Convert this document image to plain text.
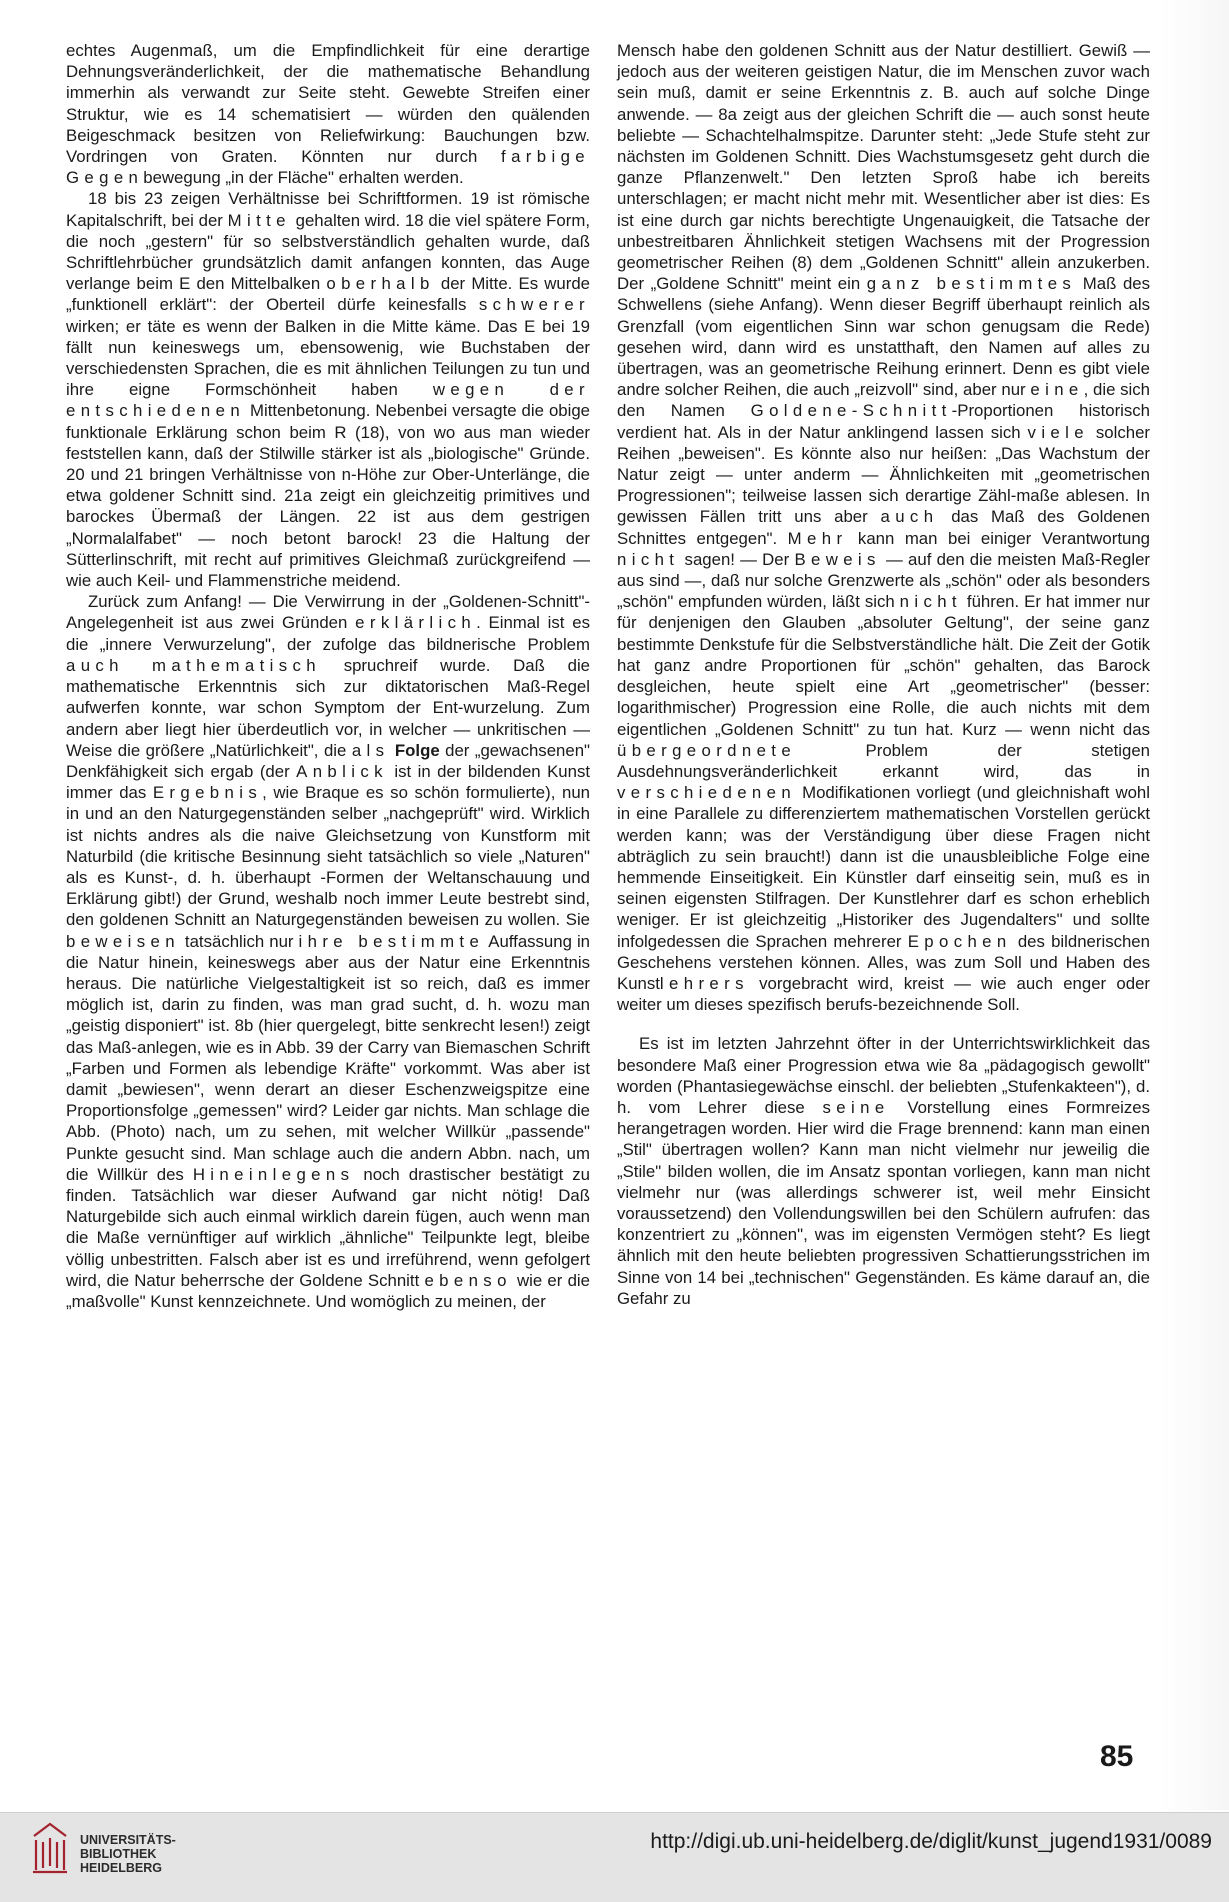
echtes Augenmaß, um die Empfindlichkeit für eine derartige Dehnungsveränderlichkeit, der die mathematische Behandlung immerhin als verwandt zur Seite steht. Gewebte Streifen einer Struktur, wie es 14 schematisiert — würden den quälenden Beigeschmack besitzen von Reliefwirkung: Bauchungen bzw. Vordringen von Graten. Könnten nur durch farbige Gegenbewegung „in der Fläche" erhalten werden.

18 bis 23 zeigen Verhältnisse bei Schriftformen. 19 ist römische Kapitalschrift, bei der Mitte gehalten wird. 18 die viel spätere Form, die noch „gestern" für so selbstverständlich gehalten wurde, daß Schriftlehrbücher grundsätzlich damit anfangen konnten, das Auge verlange beim E den Mittelbalken oberhalb der Mitte. Es wurde „funktionell erklärt": der Oberteil dürfe keinesfalls schwerer wirken; er täte es wenn der Balken in die Mitte käme. Das E bei 19 fällt nun keineswegs um, ebensowenig, wie Buchstaben der verschiedensten Sprachen, die es mit ähnlichen Teilungen zu tun und ihre eigne Formschönheit haben wegen der entschiedenen Mittenbetonung. Nebenbei versagte die obige funktionale Erklärung schon beim R (18), von wo aus man wieder feststellen kann, daß der Stilwille stärker ist als „biologische" Gründe. 20 und 21 bringen Verhältnisse von n-Höhe zur Ober-Unterlänge, die etwa goldener Schnitt sind. 21a zeigt ein gleichzeitig primitives und barockes Übermaß der Längen. 22 ist aus dem gestrigen „Normalalfabet" — noch betont barock! 23 die Haltung der Sütterlinschrift, mit recht auf primitives Gleichmaß zurückgreifend — wie auch Keil- und Flammenstriche meidend.

Zurück zum Anfang! — Die Verwirrung in der „Goldenen-Schnitt"-Angelegenheit ist aus zwei Gründen erklärlich. Einmal ist es die „innere Verwurzelung", der zufolge das bildnerische Problem auch mathematisch spruchreif wurde. Daß die mathematische Erkenntnis sich zur diktatorischen Maß-Regel aufwerfen konnte, war schon Symptom der Ent-wurzelung. Zum andern aber liegt hier überdeutlich vor, in welcher — unkritischen — Weise die größere „Natürlichkeit", die als Folge der „gewachsenen" Denkfähigkeit sich ergab (der Anblick ist in der bildenden Kunst immer das Ergebnis, wie Braque es so schön formulierte), nun in und an den Naturgegenständen selber „nachgeprüft" wird. Wirklich ist nichts andres als die naive Gleichsetzung von Kunstform mit Naturbild (die kritische Besinnung sieht tatsächlich so viele „Naturen" als es Kunst-, d. h. überhaupt -Formen der Weltanschauung und Erklärung gibt!) der Grund, weshalb noch immer Leute bestrebt sind, den goldenen Schnitt an Naturgegenständen beweisen zu wollen. Sie beweisen tatsächlich nur ihre bestimmte Auffassung in die Natur hinein, keineswegs aber aus der Natur eine Erkenntnis heraus. Die natürliche Vielgestaltigkeit ist so reich, daß es immer möglich ist, darin zu finden, was man grad sucht, d. h. wozu man „geistig disponiert" ist. 8b (hier quergelegt, bitte senkrecht lesen!) zeigt das Maß-anlegen, wie es in Abb. 39 der Carry van Biemaschen Schrift „Farben und Formen als lebendige Kräfte" vorkommt. Was aber ist damit „bewiesen", wenn derart an dieser Eschenzweigspitze eine Proportionsfolge „gemessen" wird? Leider gar nichts. Man schlage die Abb. (Photo) nach, um zu sehen, mit welcher Willkür „passende" Punkte gesucht sind. Man schlage auch die andern Abbn. nach, um die Willkür des Hineinlegens noch drastischer bestätigt zu finden. Tatsächlich war dieser Aufwand gar nicht nötig! Daß Naturgebilde sich auch einmal wirklich darein fügen, auch wenn man die Maße vernünftiger auf wirklich „ähnliche" Teilpunkte legt, bleibe völlig unbestritten. Falsch aber ist es und irreführend, wenn gefolgert wird, die Natur beherrsche der Goldene Schnitt ebenso wie er die „maßvolle" Kunst kennzeichnete. Und womöglich zu meinen, der

Mensch habe den goldenen Schnitt aus der Natur destilliert. Gewiß — jedoch aus der weiteren geistigen Natur, die im Menschen zuvor wach sein muß, damit er seine Erkenntnis z. B. auch auf solche Dinge anwende. — 8a zeigt aus der gleichen Schrift die — auch sonst heute beliebte — Schachtelhalmspitze. Darunter steht: „Jede Stufe steht zur nächsten im Goldenen Schnitt. Dies Wachstumsgesetz geht durch die ganze Pflanzenwelt." Den letzten Sproß habe ich bereits unterschlagen; er macht nicht mehr mit. Wesentlicher aber ist dies: Es ist eine durch gar nichts berechtigte Ungenauigkeit, die Tatsache der unbestreitbaren Ähnlichkeit stetigen Wachsens mit der Progression geometrischer Reihen (8) dem „Goldenen Schnitt" allein anzukerben. Der „Goldene Schnitt" meint ein ganz bestimmtes Maß des Schwellens (siehe Anfang). Wenn dieser Begriff überhaupt reinlich als Grenzfall (vom eigentlichen Sinn war schon genugsam die Rede) gesehen wird, dann wird es unstatthaft, den Namen auf alles zu übertragen, was an geometrische Reihung erinnert. Denn es gibt viele andre solcher Reihen, die auch „reizvoll" sind, aber nur eine, die sich den Namen Goldene-Schnitt-Proportionen historisch verdient hat. Als in der Natur anklingend lassen sich viele solcher Reihen „beweisen". Es könnte also nur heißen: „Das Wachstum der Natur zeigt — unter anderm — Ähnlichkeiten mit „geometrischen Progressionen"; teilweise lassen sich derartige Zähl-maße ablesen. In gewissen Fällen tritt uns aber auch das Maß des Goldenen Schnittes entgegen". Mehr kann man bei einiger Verantwortung nicht sagen! — Der Beweis — auf den die meisten Maß-Regler aus sind —, daß nur solche Grenzwerte als „schön" oder als besonders „schön" empfunden würden, läßt sich nicht führen. Er hat immer nur für denjenigen den Glauben „absoluter Geltung", der seine ganz bestimmte Denkstufe für die Selbstverständliche hält. Die Zeit der Gotik hat ganz andre Proportionen für „schön" gehalten, das Barock desgleichen, heute spielt eine Art „geometrischer" (besser: logarithmischer) Progression eine Rolle, die auch nichts mit dem eigentlichen „Goldenen Schnitt" zu tun hat. Kurz — wenn nicht das übergeordnete Problem der stetigen Ausdehnungsveränderlichkeit erkannt wird, das in verschiedenen Modifikationen vorliegt (und gleichnishaft wohl in eine Parallele zu differenziertem mathematischen Vorstellen gerückt werden kann; was der Verständigung über diese Fragen nicht abträglich zu sein braucht!) dann ist die unausbleibliche Folge eine hemmende Einseitigkeit. Ein Künstler darf einseitig sein, muß es in seinen eigensten Stilfragen. Der Kunstlehrer darf es schon erheblich weniger. Er ist gleichzeitig „Historiker des Jugendalters" und sollte infolgedessen die Sprachen mehrerer Epochen des bildnerischen Geschehens verstehen können. Alles, was zum Soll und Haben des Kunstlehrers vorgebracht wird, kreist — wie auch enger oder weiter um dieses spezifisch berufs-bezeichnende Soll.

Es ist im letzten Jahrzehnt öfter in der Unterrichtswirklichkeit das besondere Maß einer Progression etwa wie 8a „pädagogisch gewollt" worden (Phantasiegewächse einschl. der beliebten „Stufenkakteen"), d. h. vom Lehrer diese seine Vorstellung eines Formreizes herangetragen worden. Hier wird die Frage brennend: kann man einen „Stil" übertragen wollen? Kann man nicht vielmehr nur jeweilig die „Stile" bilden wollen, die im Ansatz spontan vorliegen, kann man nicht vielmehr nur (was allerdings schwerer ist, weil mehr Einsicht voraussetzend) den Vollendungswillen bei den Schülern aufrufen: das konzentriert zu „können", was im eigensten Vermögen steht? Es liegt ähnlich mit den heute beliebten progressiven Schattierungsstrichen im Sinne von 14 bei „technischen" Gegenständen. Es käme darauf an, die Gefahr zu

85
UNIVERSITÄTS-
BIBLIOTHEK
HEIDELBERG
http://digi.ub.uni-heidelberg.de/diglit/kunst_jugend1931/0089
